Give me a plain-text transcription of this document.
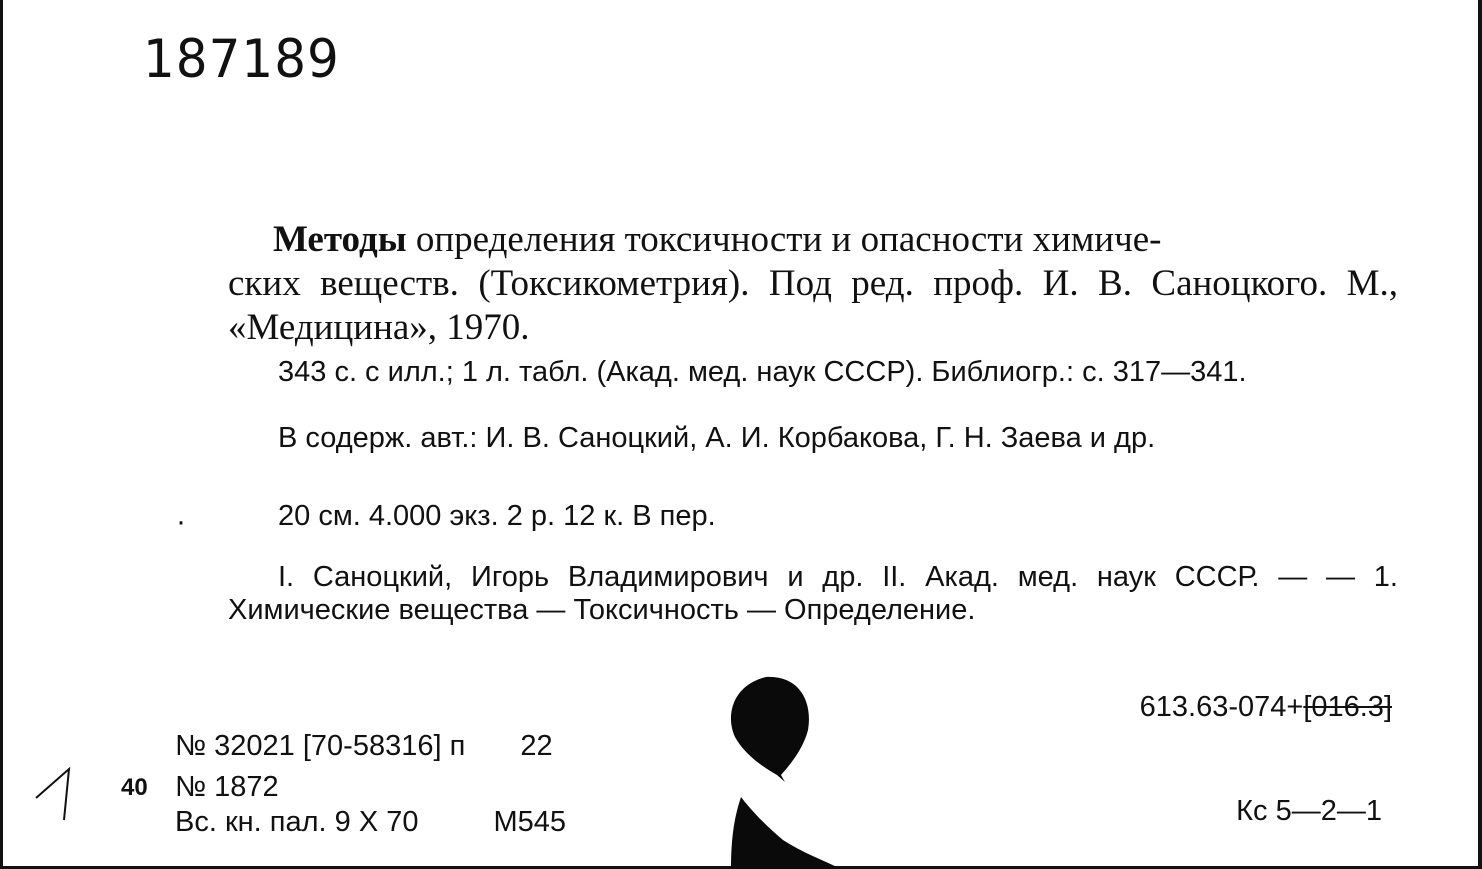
187189
Методы определения токсичности и опасности химиче-
ских веществ. (Токсикометрия). Под ред. проф. И. В. Саноцкого. М., «Медицина», 1970.
343 с. с илл.; 1 л. табл. (Акад. мед. наук СССР). Библиогр.: с. 317—341.
В содерж. авт.: И. В. Саноцкий, А. И. Корбакова, Г. Н. Заева и др.
·	20 см. 4.000 экз. 2 р. 12 к. В пер.
I. Саноцкий, Игорь Владимирович и др. II. Акад. мед. наук СССР. — — 1. Химические вещества — Токсичность — Определение.
613.63-074+[016.3]
40
№ 32021 [70-58316] п 22
№ 1872
Вс. кн. пал. 9 Х 70	М545	Кс 5—2—1
